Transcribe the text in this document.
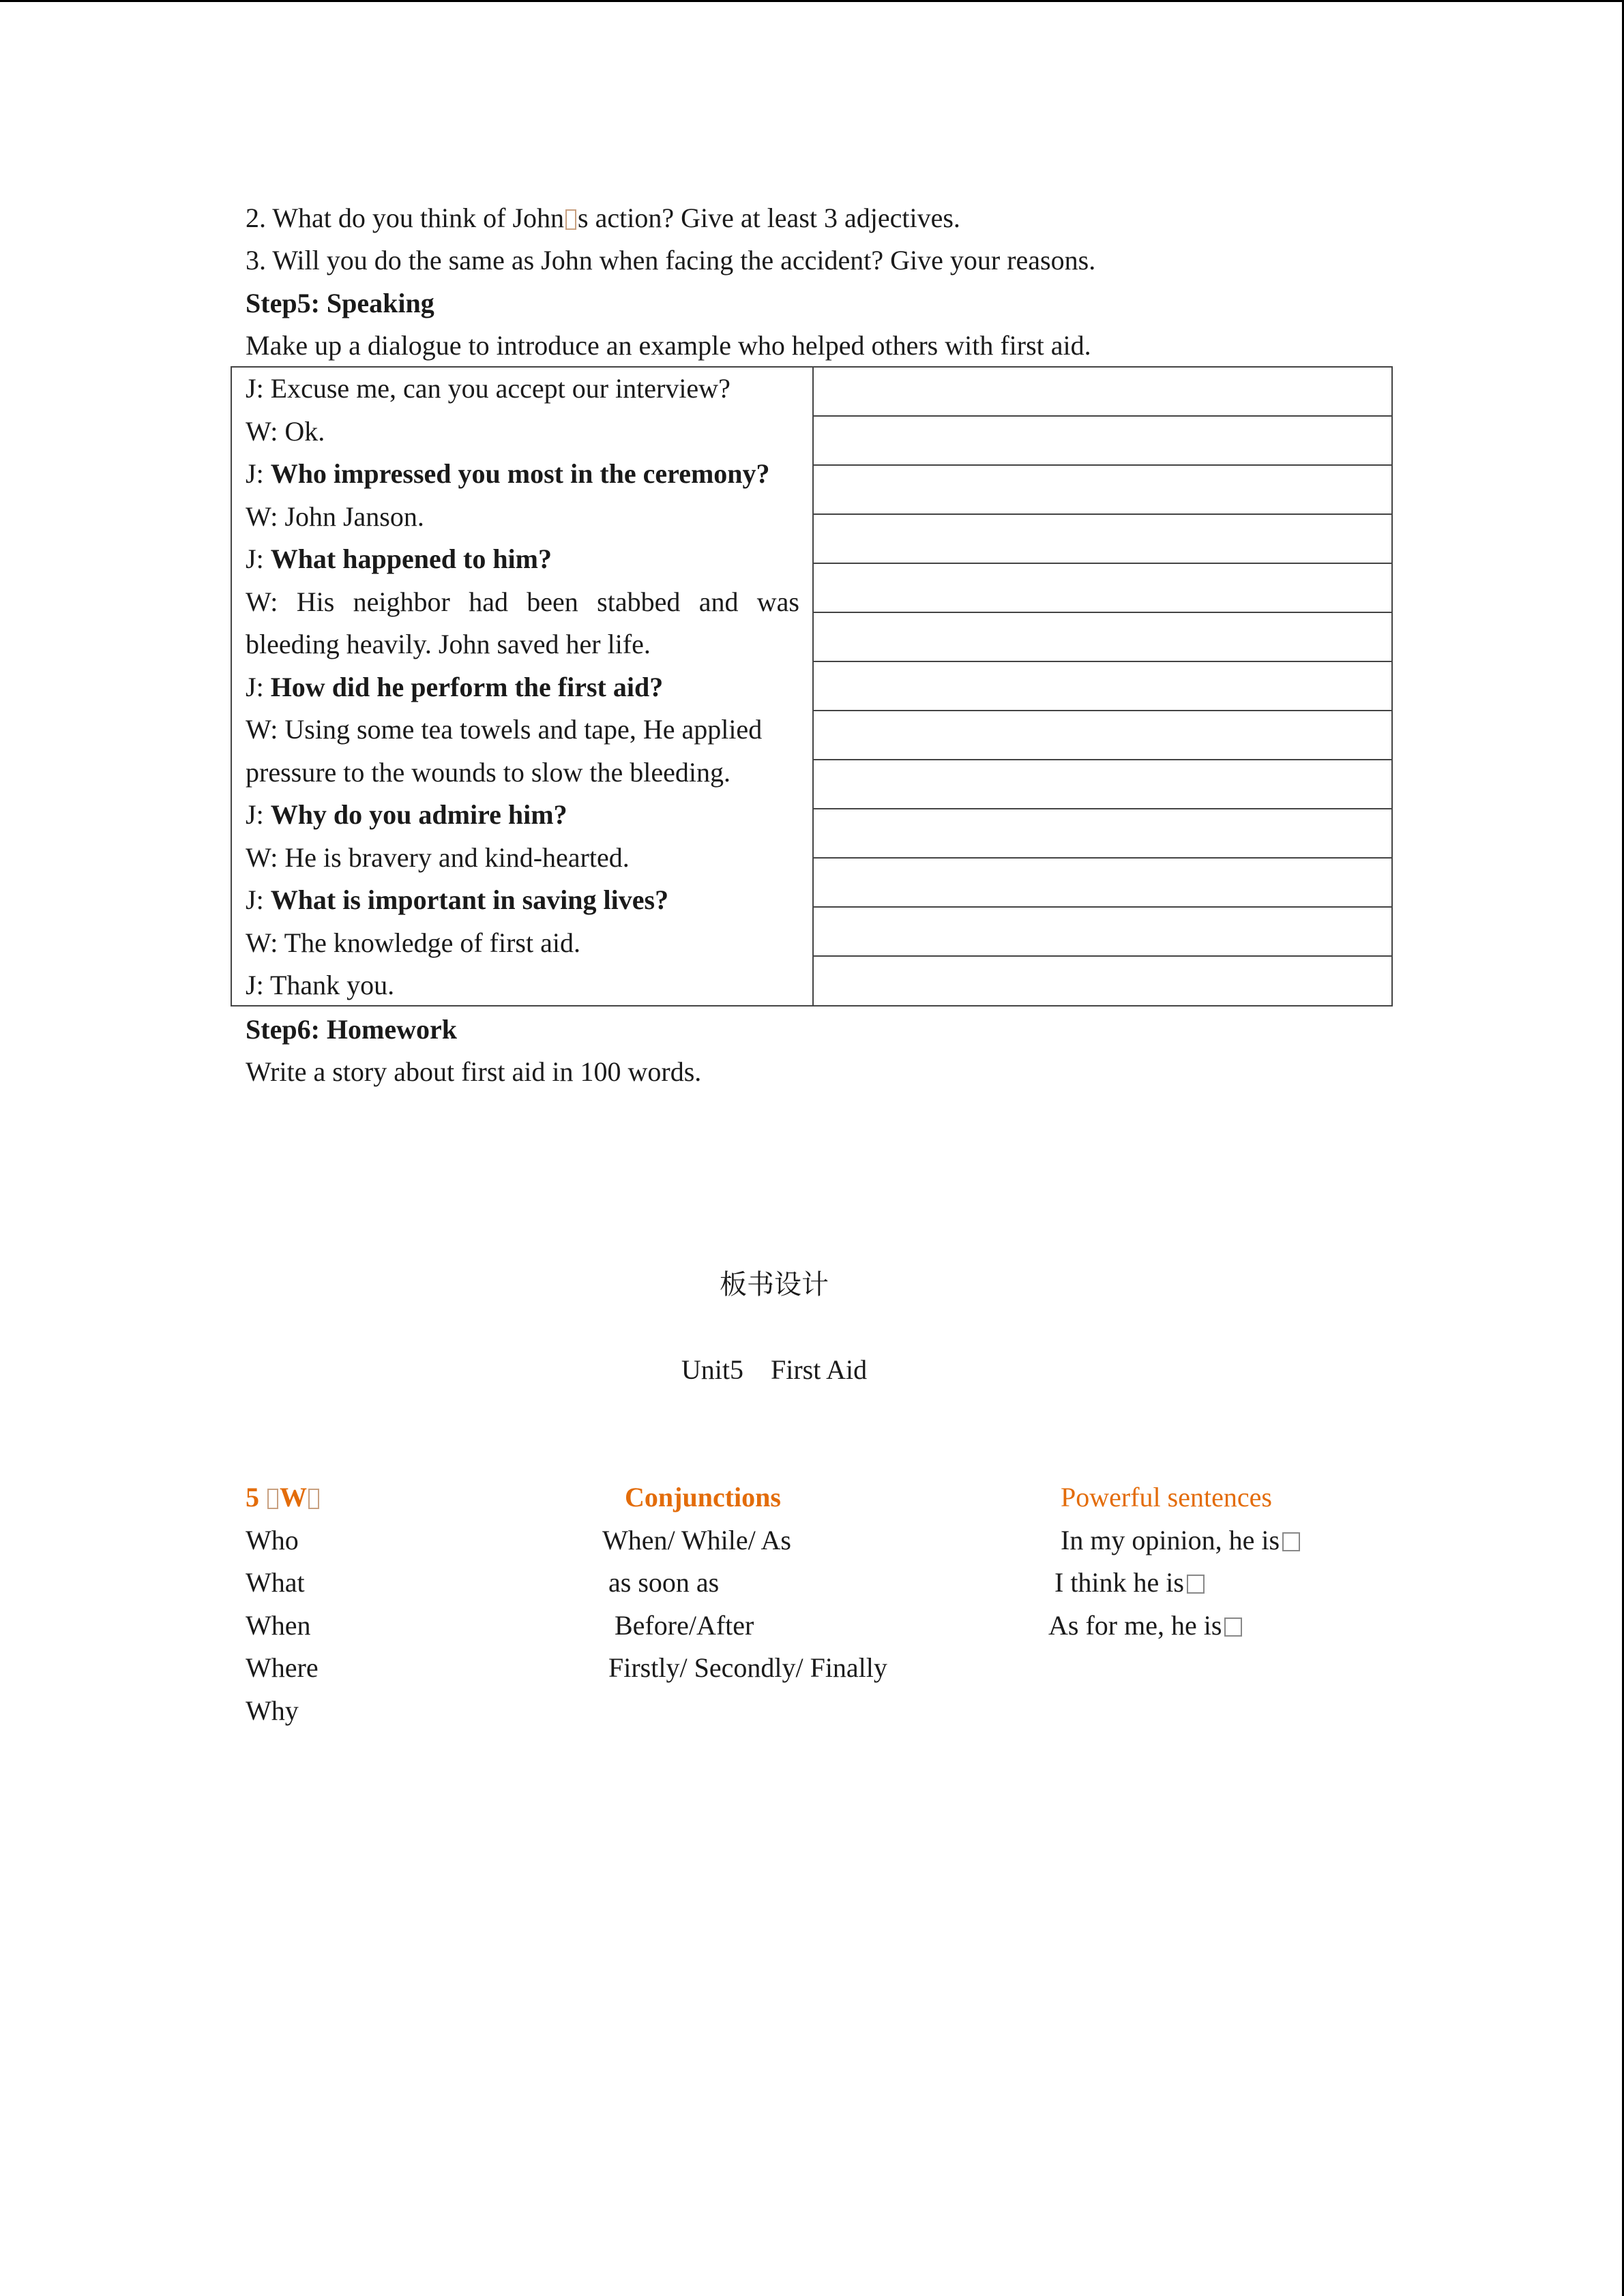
2. What do you think of John s action? Give at least 3 adjectives.
3. Will you do the same as John when facing the accident? Give your reasons.
Step5: Speaking
Make up a dialogue to introduce an example who helped others with first aid.
J: Excuse me, can you accept our interview?
W: Ok.
J: Who impressed you most in the ceremony?
W: John Janson.
J: What happened to him?
W: His neighbor had been stabbed and was
bleeding heavily. John saved her life.
J: How did he perform the first aid?
W: Using some tea towels and tape, He applied
pressure to the wounds to slow the bleeding.
J: Why do you admire him?
W: He is bravery and kind-hearted.
J: What is important in saving lives?
W: The knowledge of first aid.
J: Thank you.
Step6: Homework
Write a story about first aid in 100 words.
板书设计
Unit5    First Aid
5 W
Who
What
When
Where
Why
Conjunctions
When/ While/ As
as soon as
Before/After
Firstly/ Secondly/ Finally
Powerful sentences
In my opinion, he is
I think he is
As for me, he is
